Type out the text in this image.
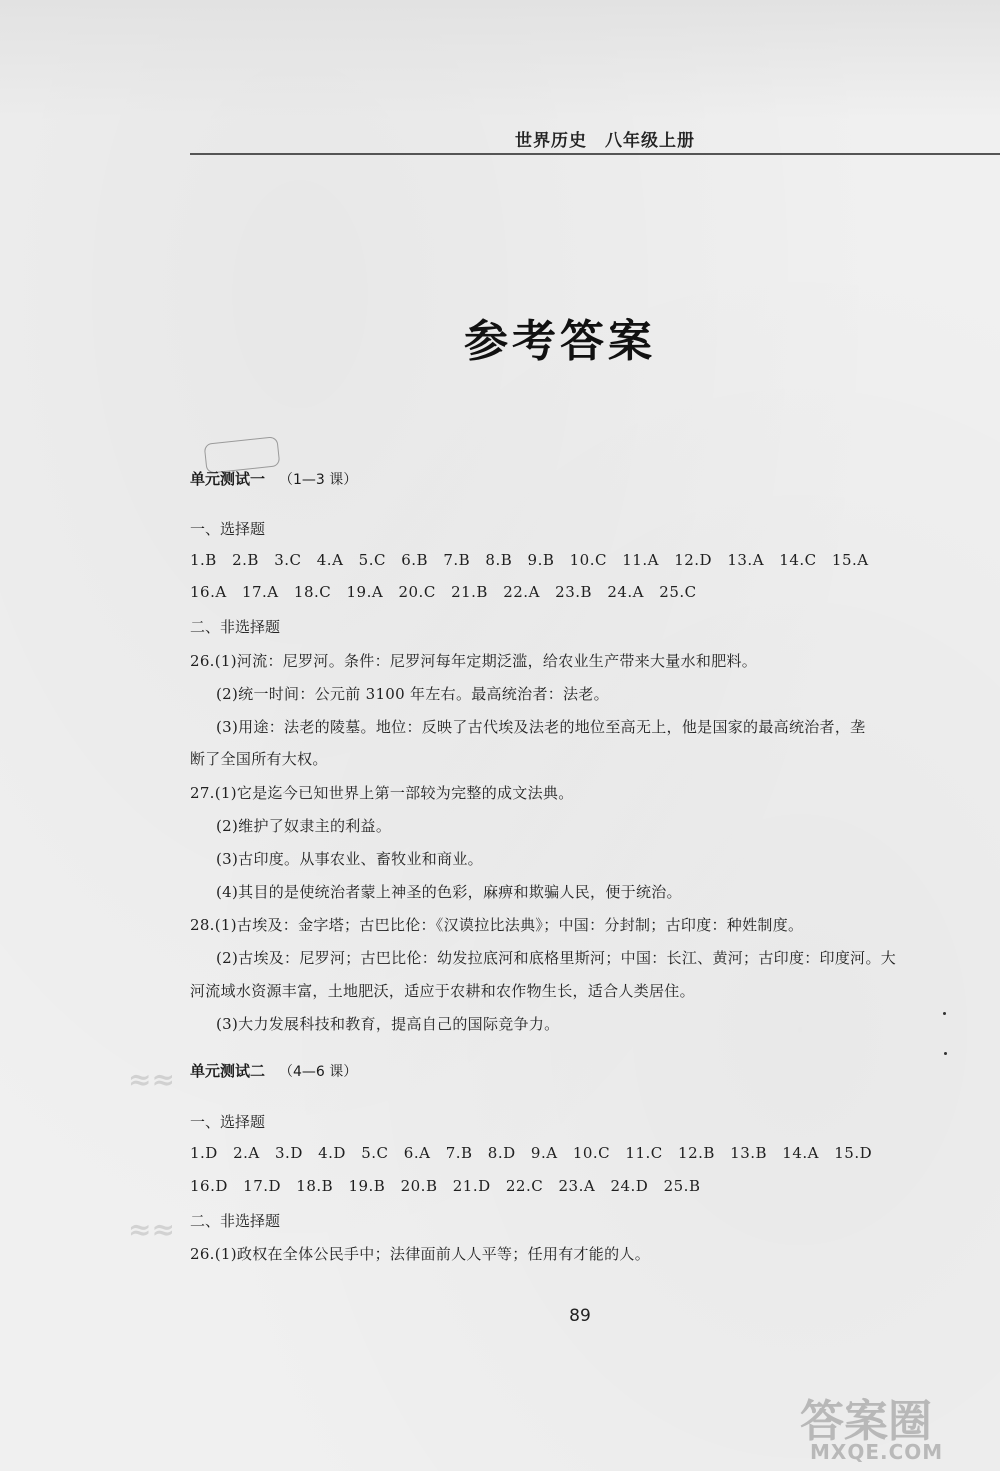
世界历史　八年级上册
参考答案
单元测试一 （1—3 课）
一、选择题
1.B 2.B 3.C 4.A 5.C 6.B 7.B 8.B 9.B 10.C 11.A 12.D 13.A 14.C 15.A
16.A 17.A 18.C 19.A 20.C 21.B 22.A 23.B 24.A 25.C
二、非选择题
26.(1)河流：尼罗河。条件：尼罗河每年定期泛滥，给农业生产带来大量水和肥料。
(2)统一时间：公元前 3100 年左右。最高统治者：法老。
(3)用途：法老的陵墓。地位：反映了古代埃及法老的地位至高无上，他是国家的最高统治者，垄
断了全国所有大权。
27.(1)它是迄今已知世界上第一部较为完整的成文法典。
(2)维护了奴隶主的利益。
(3)古印度。从事农业、畜牧业和商业。
(4)其目的是使统治者蒙上神圣的色彩，麻痹和欺骗人民，便于统治。
28.(1)古埃及：金字塔；古巴比伦：《汉谟拉比法典》；中国：分封制；古印度：种姓制度。
(2)古埃及：尼罗河；古巴比伦：幼发拉底河和底格里斯河；中国：长江、黄河；古印度：印度河。大
河流域水资源丰富，土地肥沃，适应于农耕和农作物生长，适合人类居住。
(3)大力发展科技和教育，提高自己的国际竞争力。
单元测试二 （4—6 课）
一、选择题
1.D 2.A 3.D 4.D 5.C 6.A 7.B 8.D 9.A 10.C 11.C 12.B 13.B 14.A 15.D
16.D 17.D 18.B 19.B 20.B 21.D 22.C 23.A 24.D 25.B
二、非选择题
26.(1)政权在全体公民手中；法律面前人人平等；任用有才能的人。
89
≈≈
≈≈
答案圈
MXQE.COM
